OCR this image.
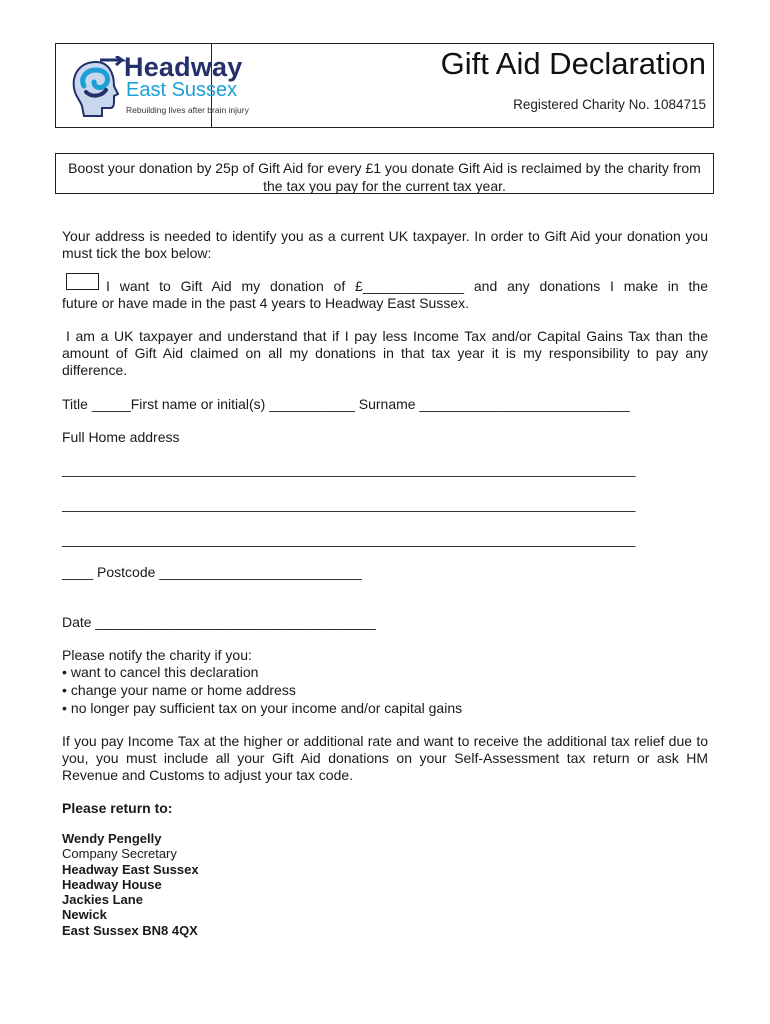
Headway
East Sussex
Rebuilding lives after brain injury
Gift Aid Declaration
Registered Charity No. 1084715
Boost your donation by 25p of Gift Aid for every £1 you donate Gift Aid is reclaimed by the charity from the tax you pay for the current tax year.
Your address is needed to identify you as a current UK taxpayer. In order to Gift Aid your donation you must tick the box below:
I want to Gift Aid my donation of £_____________ and any donations I make in the
future or have made in the past 4 years to Headway East Sussex.
I am a UK taxpayer and understand that if I pay less Income Tax and/or Capital Gains Tax than the amount of Gift Aid claimed on all my donations in that tax year it is my responsibility to pay any difference.
Title _____First name or initial(s) ___________ Surname ___________________________
Full Home address
_____________________________________________________________________________
_____________________________________________________________________________
_____________________________________________________________________________
____ Postcode __________________________
Date ____________________________________
Please notify the charity if you:
• want to cancel this declaration
• change your name or home address
• no longer pay sufficient tax on your income and/or capital gains
If you pay Income Tax at the higher or additional rate and want to receive the additional tax relief due to you, you must include all your Gift Aid donations on your Self-Assessment tax return or ask HM Revenue and Customs to adjust your tax code.
Please return to:
Wendy Pengelly
Company Secretary
Headway East Sussex
Headway House
Jackies Lane
Newick
East Sussex BN8 4QX
